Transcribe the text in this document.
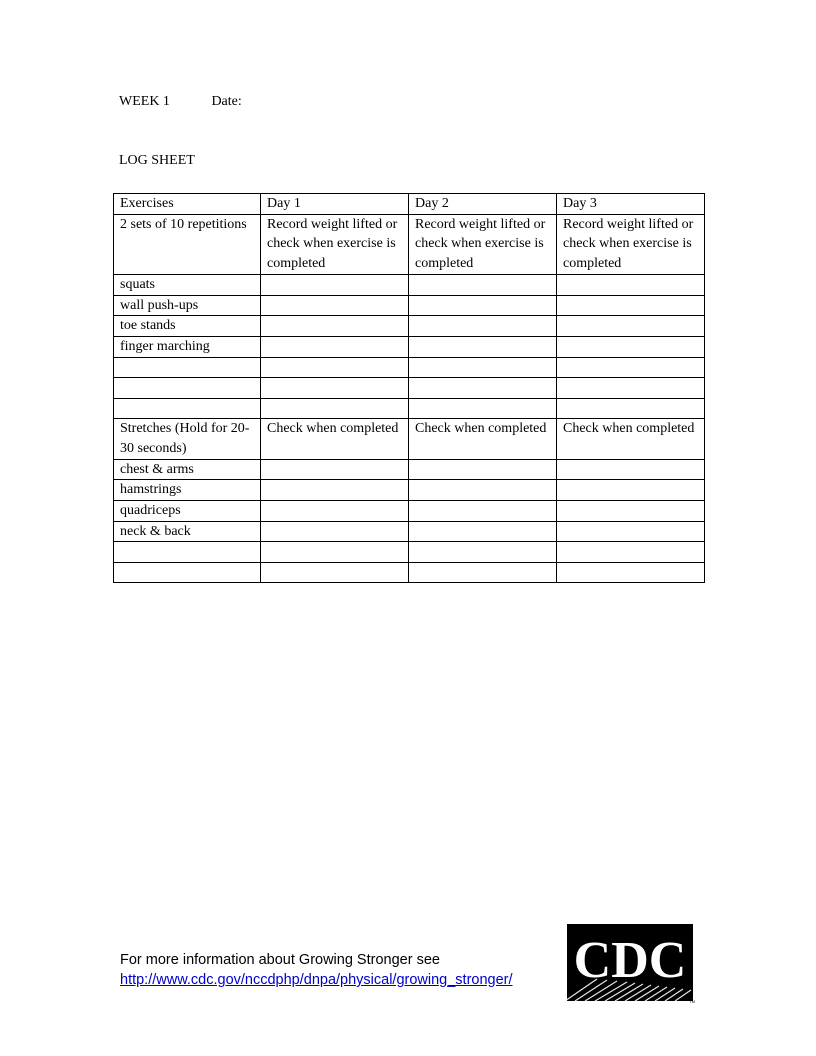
WEEK 1	Date:
LOG SHEET
Exercises	Day 1	Day 2	Day 3
2 sets of 10 repetitions	Record weight lifted or check when exercise is completed	Record weight lifted or check when exercise is completed	Record weight lifted or check when exercise is completed
squats			
wall push-ups			
toe stands			
finger marching			

Stretches (Hold for 20-30 seconds)	Check when completed	Check when completed	Check when completed
chest & arms			
hamstrings			
quadriceps			
neck & back			

For more information about Growing Stronger see
http://www.cdc.gov/nccdphp/dnpa/physical/growing_stronger/ CDC
TM
